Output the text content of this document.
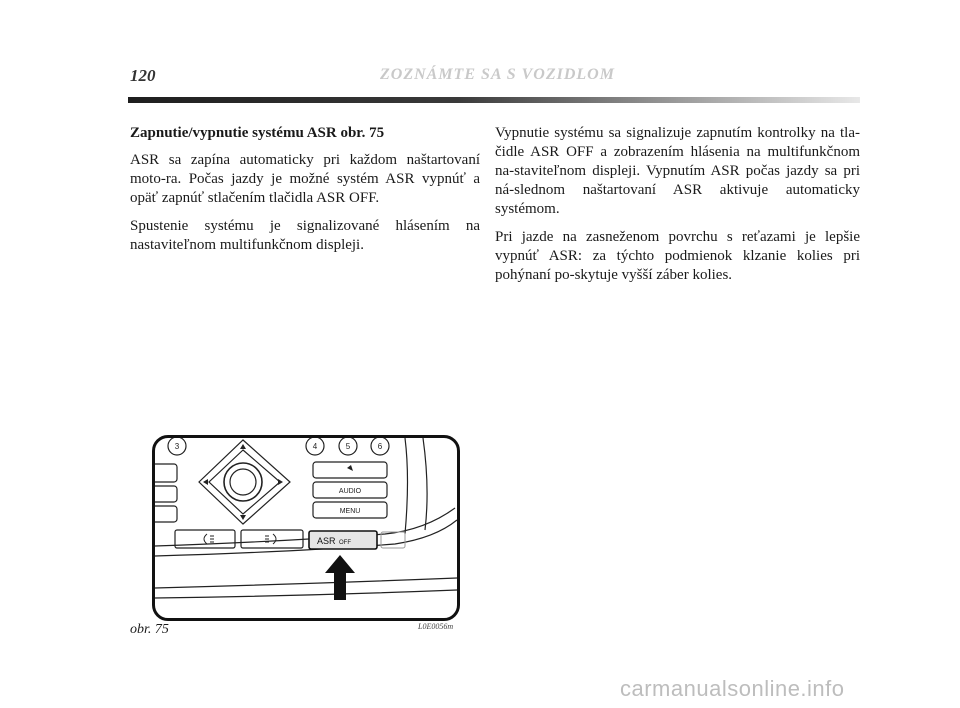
120	ZOZNÁMTE SA S VOZIDLOM
Zapnutie/vypnutie systému ASR obr. 75

ASR sa zapína automaticky pri každom naštartovaní moto-ra. Počas jazdy je možné systém ASR vypnúť a opäť zapnúť stlačením tlačidla ASR OFF.

Spustenie systému je signalizované hlásením na nastaviteľnom multifunkčnom displeji.

Vypnutie systému sa signalizuje zapnutím kontrolky na tla-čidle ASR OFF a zobrazením hlásenia na multifunkčnom na-staviteľnom displeji. Vypnutím ASR počas jazdy sa pri ná-slednom naštartovaní ASR aktivuje automaticky systémom.

Pri jazde na zasneženom povrchu s reťazami je lepšie vypnúť ASR: za týchto podmienok klzanie kolies pri pohýnaní po-skytuje vyšší záber kolies.

3	4	5	6
AUDIO
MENU
ASR OFF
obr. 75	L0E0056m
carmanualsonline.info
